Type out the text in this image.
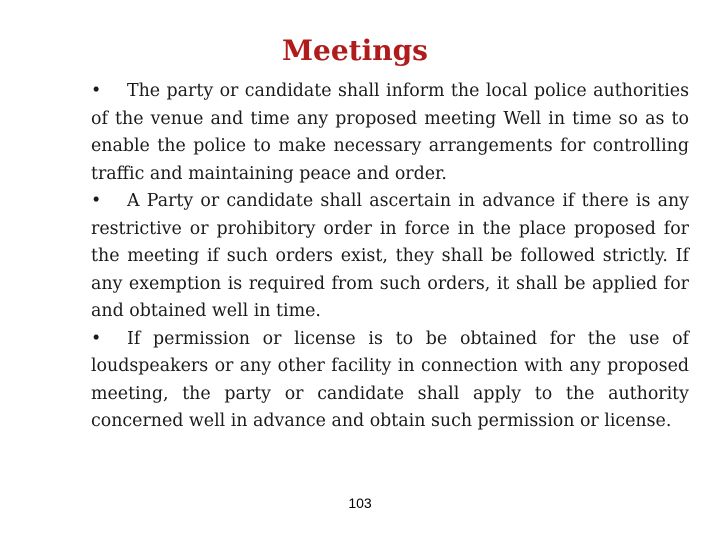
Meetings

• The party or candidate shall inform the local police authorities of the venue and time any proposed meeting Well in time so as to enable the police to make necessary arrangements for controlling traffic and maintaining peace and order.

• A Party or candidate shall ascertain in advance if there is any restrictive or prohibitory order in force in the place proposed for the meeting if such orders exist, they shall be followed strictly. If any exemption is required from such orders, it shall be applied for and obtained well in time.

• If permission or license is to be obtained for the use of loudspeakers or any other facility in connection with any proposed meeting, the party or candidate shall apply to the authority concerned well in advance and obtain such permission or license.

103
